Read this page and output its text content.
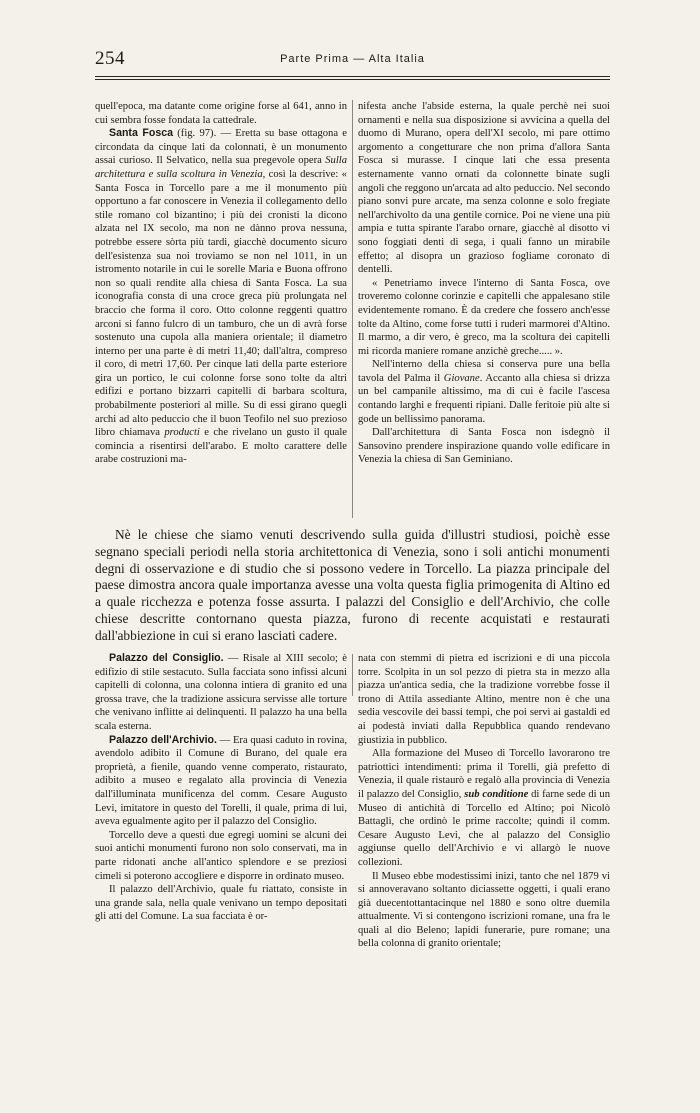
254	Parte Prima — Alta Italia

quell'epoca, ma datante come origine forse al 641, anno in cui sembra fosse fondata la cattedrale.

Santa Fosca (fig. 97). — Eretta su base ottagona e circondata da cinque lati da colonnati, è un monumento assai curioso. Il Selvatico, nella sua pregevole opera Sulla architettura e sulla scoltura in Venezia, così la descrive: « Santa Fosca in Torcello pare a me il monumento più opportuno a far conoscere in Venezia il collegamento dello stile romano col bizantino; i più dei cronisti la dicono alzata nel IX secolo, ma non ne dànno prova nessuna, potrebbe essere sòrta più tardi, giacchè documento sicuro dell'esistenza sua noi troviamo se non nel 1011, in un istromento notarile in cui le sorelle Maria e Buona offrono non so quali rendite alla chiesa di Santa Fosca. La sua iconografia consta di una croce greca più prolungata nel braccio che forma il coro. Otto colonne reggenti quattro arconi si fanno fulcro di un tamburo, che un dì avrà forse sostenuto una cupola alla maniera orientale; il diametro interno per una parte è di metri 11,40; dall'altra, compreso il coro, di metri 17,60. Per cinque lati della parte esteriore gira un portico, le cui colonne forse sono tolte da altri edifizi e portano bizzarri capitelli di barbara scoltura, probabilmente posteriori al mille. Su di essi girano quegli archi ad alto peduccio che il buon Teofilo nel suo prezioso libro chiamava producti e che rivelano un gusto il quale comincia a risentirsi dell'arabo. E molto carattere delle arabe costruzioni ma-

nifesta anche l'abside esterna, la quale perchè nei suoi ornamenti e nella sua disposizione si avvicina a quella del duomo di Murano, opera dell'XI secolo, mi pare ottimo argomento a congetturare che non prima d'allora Santa Fosca si murasse. I cinque lati che essa presenta esternamente vanno ornati da colonnette binate sugli angoli che reggono un'arcata ad alto peduccio. Nel secondo piano sonvi pure arcate, ma senza colonne e solo fregiate nell'archivolto da una gentile cornice. Poi ne viene una più ampia e tutta spirante l'arabo ornare, giacchè al disotto vi sono foggiati denti di sega, i quali fanno un mirabile effetto; al disopra un grazioso fogliame coronato di dentelli.

« Penetriamo invece l'interno di Santa Fosca, ove troveremo colonne corinzie e capitelli che appalesano stile evidentemente romano. È da credere che fossero anch'esse tolte da Altino, come forse tutti i ruderi marmorei d'Altino. Il marmo, a dir vero, è greco, ma la scoltura dei capitelli mi ricorda maniere romane anzichè greche..... ».

Nell'interno della chiesa si conserva pure una bella tavola del Palma il Giovane. Accanto alla chiesa si drizza un bel campanile altissimo, ma di cui è facile l'ascesa contando larghi e frequenti ripiani. Dalle feritoie più alte si gode un bellissimo panorama.

Dall'architettura di Santa Fosca non isdegnò il Sansovino prendere inspirazione quando volle edificare in Venezia la chiesa di San Geminiano.

Nè le chiese che siamo venuti descrivendo sulla guida d'illustri studiosi, poichè esse segnano speciali periodi nella storia architettonica di Venezia, sono i soli antichi monumenti degni di osservazione e di studio che si possono vedere in Torcello. La piazza principale del paese dimostra ancora quale importanza avesse una volta questa figlia primogenita di Altino ed a quale ricchezza e potenza fosse assurta. I palazzi del Consiglio e dell'Archivio, che colle chiese descritte contornano questa piazza, furono di recente acquistati e restaurati dall'abbiezione in cui si erano lasciati cadere.

Palazzo del Consiglio. — Risale al XIII secolo; è edifizio di stile sestacuto. Sulla facciata sono infissi alcuni capitelli di colonna, una colonna intiera di granito ed una grossa trave, che la tradizione assicura servisse alle torture che venivano inflitte ai delinquenti. Il palazzo ha una bella scala esterna.

Palazzo dell'Archivio. — Era quasi caduto in rovina, avendolo adibito il Comune di Burano, del quale era proprietà, a fienile, quando venne comperato, ristaurato, adibito a museo e regalato alla provincia di Venezia dall'illuminata munificenza del comm. Cesare Augusto Levi, imitatore in questo del Torelli, il quale, prima di lui, aveva egualmente agito per il palazzo del Consiglio.

Torcello deve a questi due egregi uomini se alcuni dei suoi antichi monumenti furono non solo conservati, ma in parte ridonati anche all'antico splendore e se preziosi cimeli si poterono accogliere e disporre in ordinato museo.

Il palazzo dell'Archivio, quale fu riattato, consiste in una grande sala, nella quale venivano un tempo depositati gli atti del Comune. La sua facciata è or-

nata con stemmi di pietra ed iscrizioni e di una piccola torre. Scolpita in un sol pezzo di pietra sta in mezzo alla piazza un'antica sedia, che la tradizione vorrebbe fosse il trono di Attila assediante Altino, mentre non è che una sedia vescovile dei bassi tempi, che poi servì ai gastaldi ed ai podestà inviati dalla Repubblica quando rendevano giustizia in pubblico.

Alla formazione del Museo di Torcello lavorarono tre patriottici intendimenti: prima il Torelli, già prefetto di Venezia, il quale ristaurò e regalò alla provincia di Venezia il palazzo del Consiglio, sub conditione di farne sede di un Museo di antichità di Torcello ed Altino; poi Nicolò Battagli, che ordinò le prime raccolte; quindi il comm. Cesare Augusto Levi, che al palazzo del Consiglio aggiunse quello dell'Archivio e vi allargò le nuove collezioni.

Il Museo ebbe modestissimi inizi, tanto che nel 1879 vi si annoveravano soltanto diciassette oggetti, i quali erano già duecentottantacinque nel 1880 e sono oltre duemila attualmente. Vi si contengono iscrizioni romane, una fra le quali al dio Beleno; lapidi funerarie, pure romane; una bella colonna di granito orientale;
